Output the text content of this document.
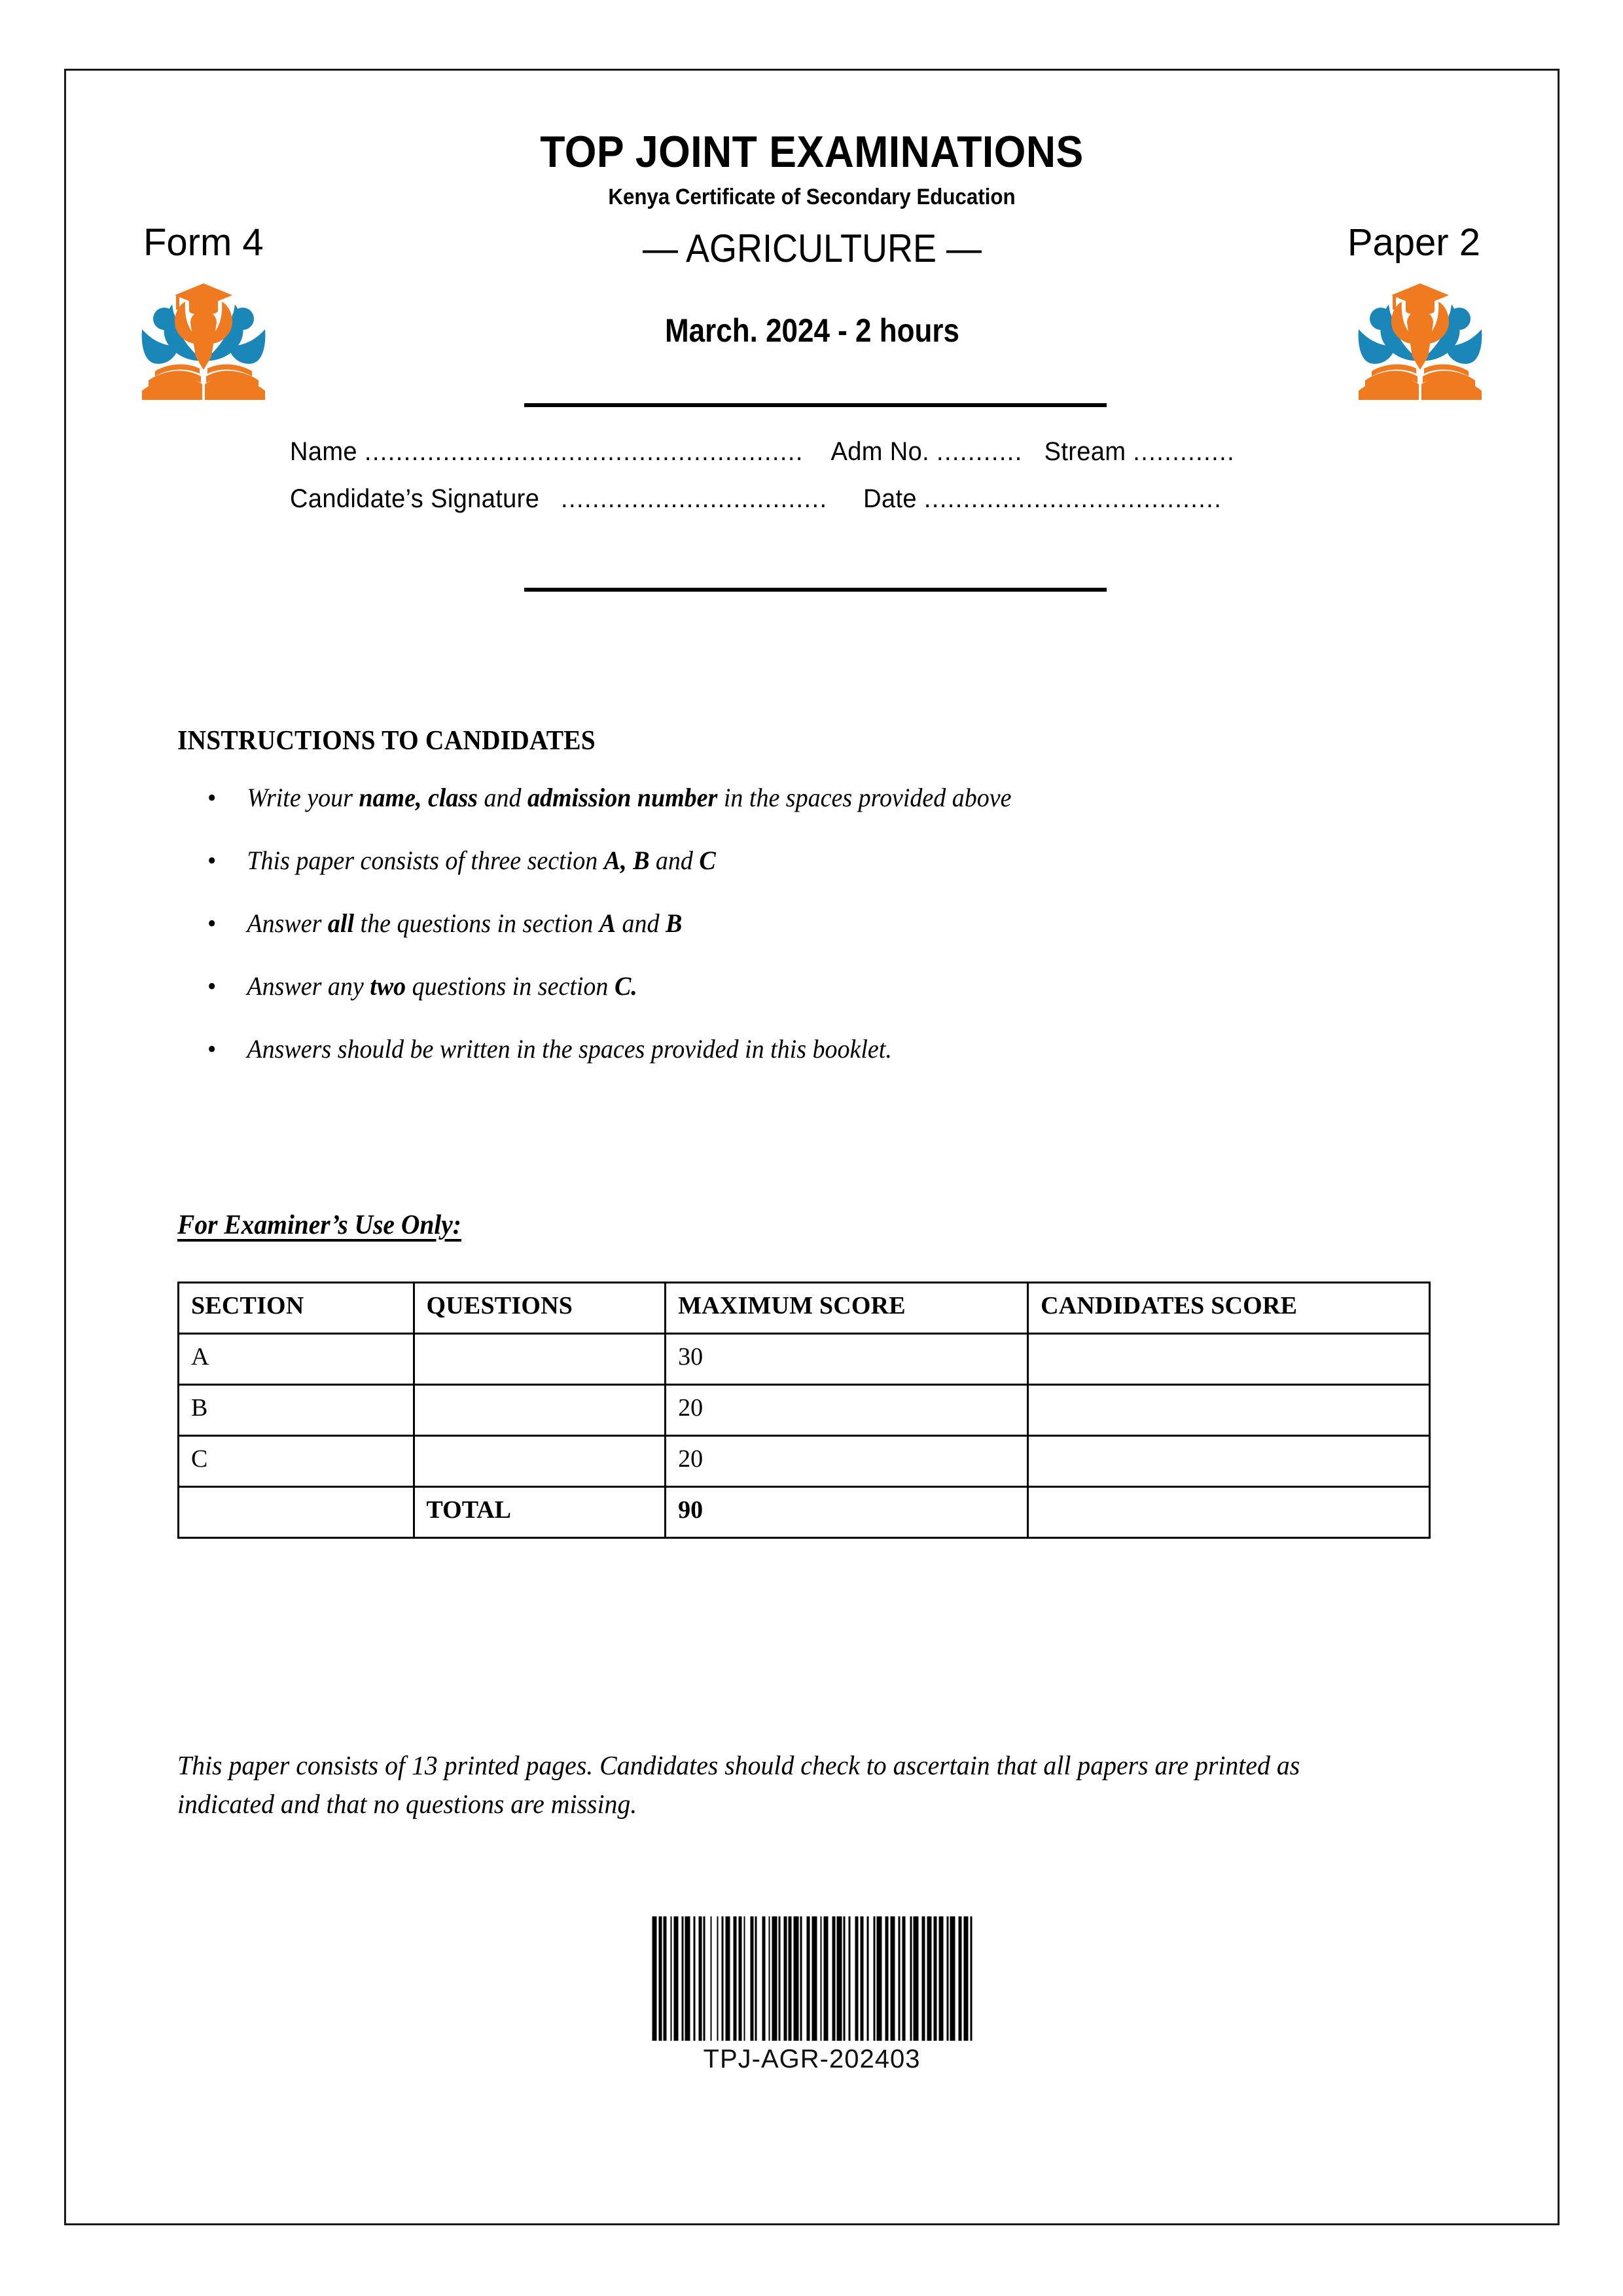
TOP JOINT EXAMINATIONS
Kenya Certificate of Secondary Education
Form 4	— AGRICULTURE —
March. 2024 - 2 hours
Paper 2
Name ........................................................ Adm No. ........... Stream .............
Candidate’s Signature .................................. Date ......................................
INSTRUCTIONS TO CANDIDATES
• Write your name, class and admission number in the spaces provided above
• This paper consists of three section A, B and C
• Answer all the questions in section A and B
• Answer any two questions in section C.
• Answers should be written in the spaces provided in this booklet.
For Examiner’s Use Only:
SECTION	QUESTIONS	MAXIMUM SCORE	CANDIDATES SCORE
A		30	
B		20	
C		20	
	TOTAL	90	
This paper consists of 13 printed pages. Candidates should check to ascertain that all papers are printed as indicated and that no questions are missing.
TPJ-AGR-202403
